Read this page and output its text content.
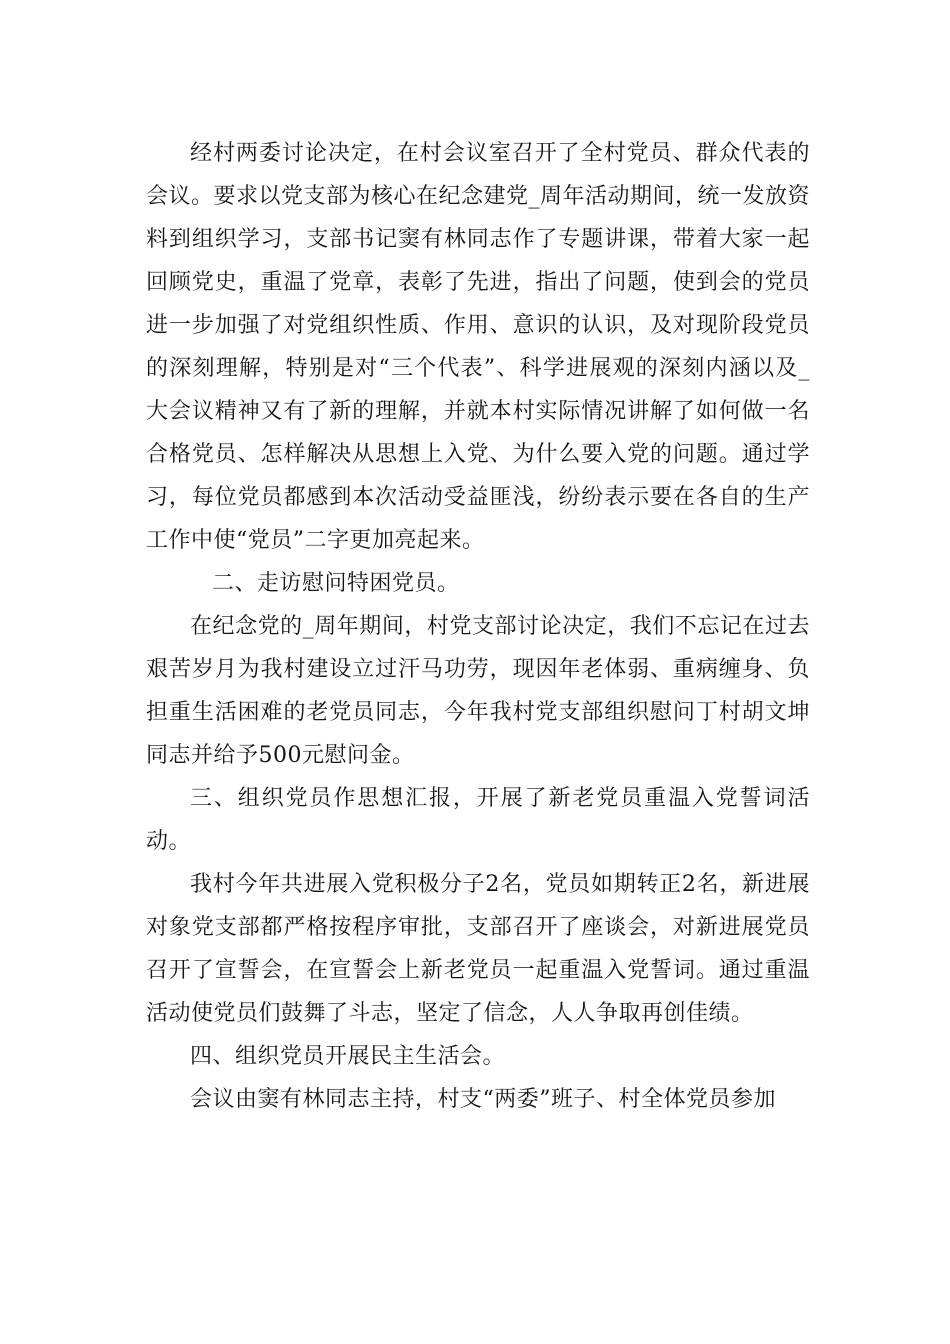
经村两委讨论决定，在村会议室召开了全村党员、群众代表的会议。要求以党支部为核心在纪念建党_周年活动期间，统一发放资料到组织学习，支部书记窦有林同志作了专题讲课，带着大家一起回顾党史，重温了党章，表彰了先进，指出了问题，使到会的党员进一步加强了对党组织性质、作用、意识的认识，及对现阶段党员的深刻理解，特别是对“三个代表”、科学进展观的深刻内涵以及_大会议精神又有了新的理解，并就本村实际情况讲解了如何做一名合格党员、怎样解决从思想上入党、为什么要入党的问题。通过学习，每位党员都感到本次活动受益匪浅，纷纷表示要在各自的生产工作中使“党员”二字更加亮起来。

二、走访慰问特困党员。

在纪念党的_周年期间，村党支部讨论决定，我们不忘记在过去艰苦岁月为我村建设立过汗马功劳，现因年老体弱、重病缠身、负担重生活困难的老党员同志，今年我村党支部组织慰问丁村胡文坤同志并给予500元慰问金。

三、组织党员作思想汇报，开展了新老党员重温入党誓词活动。

我村今年共进展入党积极分子2名，党员如期转正2名，新进展对象党支部都严格按程序审批，支部召开了座谈会，对新进展党员召开了宣誓会，在宣誓会上新老党员一起重温入党誓词。通过重温活动使党员们鼓舞了斗志，坚定了信念，人人争取再创佳绩。

四、组织党员开展民主生活会。

会议由窦有林同志主持，村支“两委”班子、村全体党员参加
